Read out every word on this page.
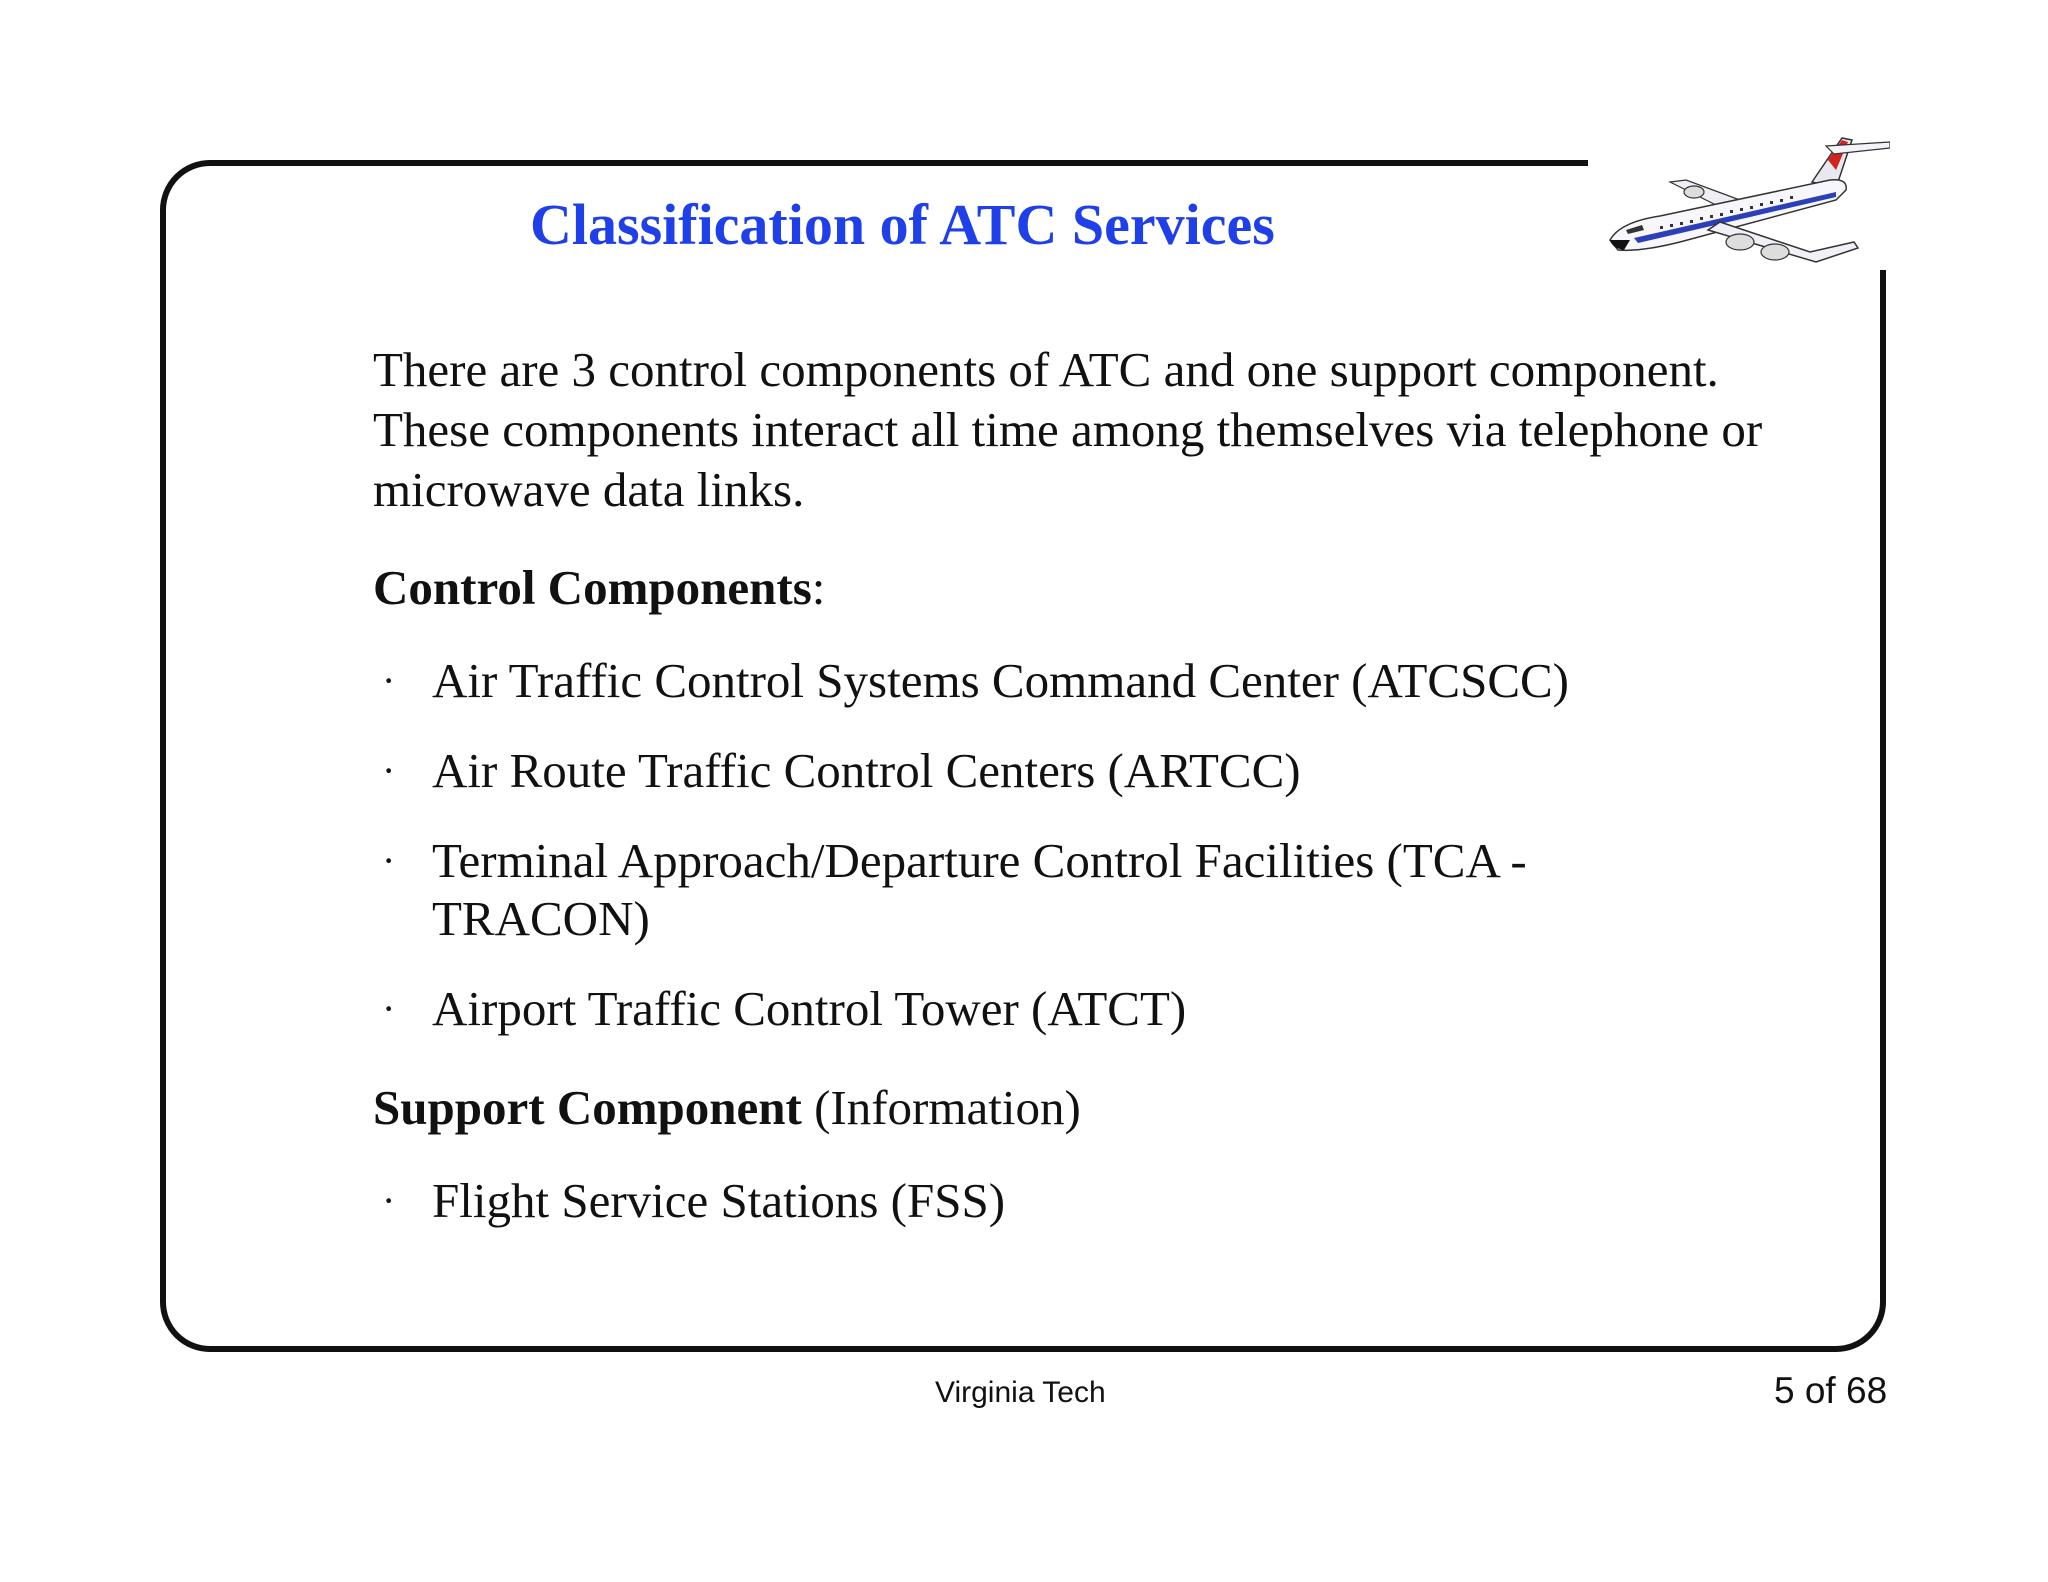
Classification of ATC Services

There are 3 control components of ATC and one support component. These components interact all time among themselves via telephone or microwave data links.

Control Components:
· Air Traffic Control Systems Command Center (ATCSCC)
· Air Route Traffic Control Centers (ARTCC)
· Terminal Approach/Departure Control Facilities (TCA - TRACON)
· Airport Traffic Control Tower (ATCT)
Support Component (Information)
· Flight Service Stations (FSS)
Virginia Tech	5 of 68
